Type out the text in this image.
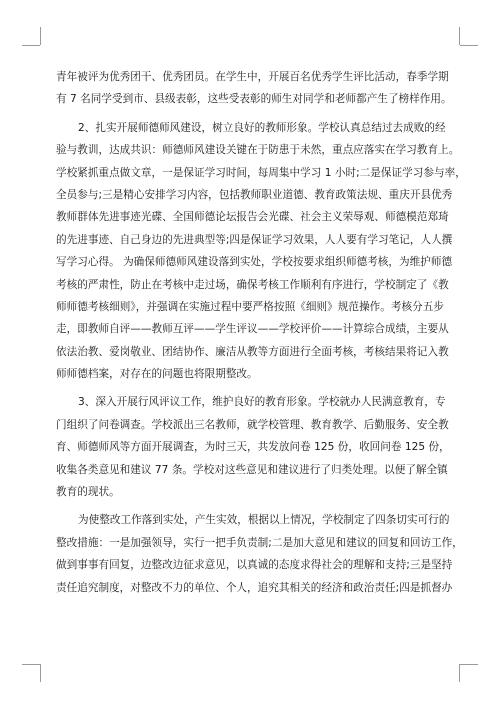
青年被评为优秀团干、优秀团员。在学生中，开展百名优秀学生评比活动，春季学期
有 7 名同学受到市、县级表彰，这些受表彰的师生对同学和老师都产生了榜样作用。
2、扎实开展师德师风建设，树立良好的教师形象。学校认真总结过去成败的经
验与教训，达成共识：师德师风建设关键在于防患于未然，重点应落实在学习教育上。
学校紧抓重点做文章，一是保证学习时间，每周集中学习 1 小时;二是保证学习参与率，
全员参与;三是精心安排学习内容，包括教师职业道德、教育政策法规、重庆开县优秀
教师群体先进事迹光碟、全国师德论坛报告会光碟、社会主义荣辱观、师德模范郑琦
的先进事迹、自己身边的先进典型等;四是保证学习效果，人人要有学习笔记，人人撰
写学习心得。 为确保师德师风建设落到实处，学校按要求组织师德考核，为维护师德
考核的严肃性，防止在考核中走过场，确保考核工作顺利有序进行，学校制定了《教
师师德考核细则》，并强调在实施过程中要严格按照《细则》规范操作。考核分五步
走，即教师自评——教师互评——学生评议——学校评价——计算综合成绩，主要从
依法治教、爱岗敬业、团结协作、廉洁从教等方面进行全面考核，考核结果将记入教
师师德档案，对存在的问题也将限期整改。
3、深入开展行风评议工作，维护良好的教育形象。学校就办人民满意教育，专
门组织了问卷调查。学校派出三名教师，就学校管理、教育教学、后勤服务、安全教
育、师德师风等方面开展调查，为时三天，共发放问卷 125 份，收回问卷 125 份，
收集各类意见和建议 77 条。学校对这些意见和建议进行了归类处理。以便了解全镇
教育的现状。
为使整改工作落到实处，产生实效，根据以上情况，学校制定了四条切实可行的
整改措施：一是加强领导，实行一把手负责制;二是加大意见和建议的回复和回访工作，
做到事事有回复，边整改边征求意见，以真诚的态度求得社会的理解和支持;三是坚持
责任追究制度，对整改不力的单位、个人，追究其相关的经济和政治责任;四是抓督办
